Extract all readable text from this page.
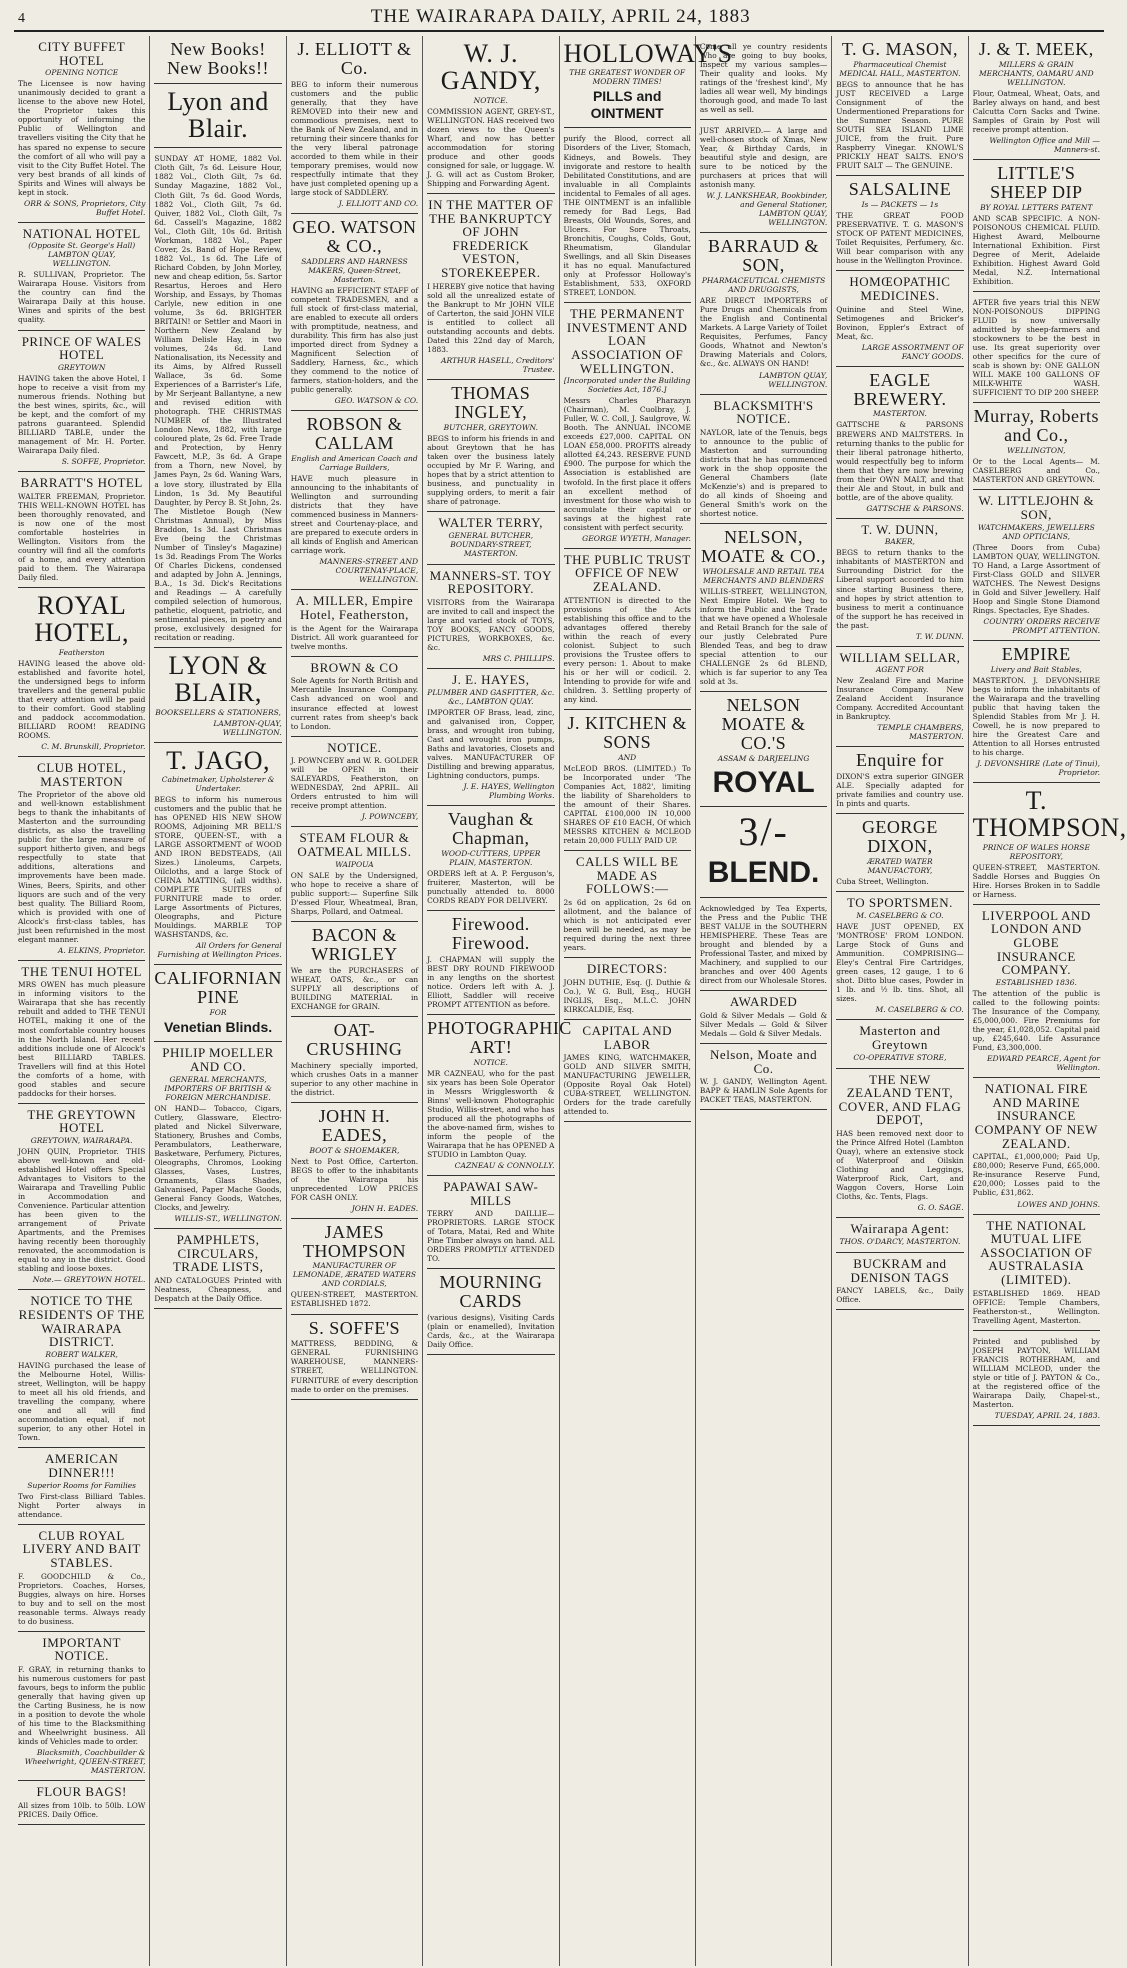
4	THE WAIRARAPA DAILY, APRIL 24, 1883

CITY BUFFET HOTEL
OPENING NOTICE

The Licensee is now having unanimously decided to grant a license to the above new Hotel, the Proprietor takes this opportunity of informing the Public of Wellington and travellers visiting the City that he has spared no expense to secure the comfort of all who will pay a visit to the City Buffet Hotel. The very best brands of all kinds of Spirits and Wines will always be kept in stock.

ORR & SONS, Proprietors, City Buffet Hotel.
NATIONAL HOTEL
(Opposite St. George's Hall) LAMBTON QUAY, WELLINGTON.

R. SULLIVAN, Proprietor. The Wairarapa House. Visitors from the country can find the Wairarapa Daily at this house. Wines and spirits of the best quality.

PRINCE OF WALES HOTEL
GREYTOWN

HAVING taken the above Hotel, I hope to receive a visit from my numerous friends. Nothing but the best wines, spirits, &c., will be kept, and the comfort of my patrons guaranteed. Splendid BILLIARD TABLE, under the management of Mr. H. Porter. Wairarapa Daily filed.

S. SOFFE, Proprietor.
BARRATT'S HOTEL

WALTER FREEMAN, Proprietor. THIS WELL-KNOWN HOTEL has been thoroughly renovated, and is now one of the most comfortable hostelries in Wellington. Visitors from the country will find all the comforts of a home, and every attention paid to them. The Wairarapa Daily filed.

ROYAL HOTEL,
Featherston

HAVING leased the above old-established and favorite hotel, the undersigned begs to inform travellers and the general public that every attention will be paid to their comfort. Good stabling and paddock accommodation. BILLIARD ROOM! READING ROOMS.

C. M. Brunskill, Proprietor.
CLUB HOTEL, MASTERTON

The Proprietor of the above old and well-known establishment begs to thank the inhabitants of Masterton and the surrounding districts, as also the travelling public for the large measure of support hitherto given, and begs respectfully to state that additions, alterations and improvements have been made. Wines, Beers, Spirits, and other liquors are such and of the very best quality. The Billiard Room, which is provided with one of Alcock's first-class tables, has just been refurnished in the most elegant manner.

A. ELKINS, Proprietor.
THE TENUI HOTEL

MRS OWEN has much pleasure in informing visitors to the Wairarapa that she has recently rebuilt and added to THE TENUI HOTEL, making it one of the most comfortable country houses in the North Island. Her recent additions include one of Alcock's best BILLIARD TABLES. Travellers will find at this Hotel the comforts of a home, with good stables and secure paddocks for their horses.

THE GREYTOWN HOTEL
GREYTOWN, WAIRARAPA.

JOHN QUIN, Proprietor. THIS above well-known and old-established Hotel offers Special Advantages to Visitors to the Wairarapa and Travelling Public in Accommodation and Convenience. Particular attention has been given to the arrangement of Private Apartments, and the Premises having recently been thoroughly renovated, the accommodation is equal to any in the district. Good stabling and loose boxes.

Note.— GREYTOWN HOTEL.
NOTICE TO THE RESIDENTS OF THE WAIRARAPA DISTRICT.
ROBERT WALKER,

HAVING purchased the lease of the Melbourne Hotel, Willis-street, Wellington, will be happy to meet all his old friends, and travelling the company, where one and all will find accommodation equal, if not superior, to any other Hotel in Town.

AMERICAN DINNER!!!
Superior Rooms for Families

Two First-class Billiard Tables. Night Porter always in attendance.

CLUB ROYAL LIVERY AND BAIT STABLES.

F. GOODCHILD & Co., Proprietors. Coaches, Horses, Buggies, always on hire. Horses to buy and to sell on the most reasonable terms. Always ready to do business.

IMPORTANT NOTICE.

F. GRAY, in returning thanks to his numerous customers for past favours, begs to inform the public generally that having given up the Carting Business, he is now in a position to devote the whole of his time to the Blacksmithing and Wheelwright business. All kinds of Vehicles made to order.

Blacksmith, Coachbuilder & Wheelwright, QUEEN-STREET, MASTERTON.
FLOUR BAGS!

All sizes from 10lb. to 50lb. LOW PRICES. Daily Office.

New Books! New Books!!
Lyon and Blair.

SUNDAY AT HOME, 1882 Vol. Cloth Gilt, 7s 6d. Leisure Hour, 1882 Vol., Cloth Gilt, 7s 6d. Sunday Magazine, 1882 Vol., Cloth Gilt, 7s 6d. Good Words, 1882 Vol., Cloth Gilt, 7s 6d. Quiver, 1882 Vol., Cloth Gilt, 7s 6d. Cassell's Magazine, 1882 Vol., Cloth Gilt, 10s 6d. British Workman, 1882 Vol., Paper Cover, 2s. Band of Hope Review, 1882 Vol., 1s 6d. The Life of Richard Cobden, by John Morley, new and cheap edition, 5s. Sartor Resartus, Heroes and Hero Worship, and Essays, by Thomas Carlyle, new edition in one volume, 3s 6d. BRIGHTER BRITAIN! or Settler and Maori in Northern New Zealand by William Delisle Hay, in two volumes, 24s 6d. Land Nationalisation, its Necessity and its Aims, by Alfred Russell Wallace, 3s 6d. Some Experiences of a Barrister's Life, by Mr Serjeant Ballantyne, a new and revised edition with photograph. THE CHRISTMAS NUMBER of the Illustrated London News, 1882, with large coloured plate, 2s 6d. Free Trade and Protection, by Henry Fawcett, M.P., 3s 6d. A Grape from a Thorn, new Novel, by James Payn, 2s 6d. Waning Wars, a love story, illustrated by Ella Lindon, 1s 3d. My Beautiful Daughter, by Percy B. St John, 2s. The Mistletoe Bough (New Christmas Annual), by Miss Braddon, 1s 3d. Last Christmas Eve (being the Christmas Number of Tinsley's Magazine) 1s 3d. Readings From The Works Of Charles Dickens, condensed and adapted by John A. Jennings, B.A., 1s 3d. Dick's Recitations and Readings — A carefully compiled selection of humorous, pathetic, eloquent, patriotic, and sentimental pieces, in poetry and prose, exclusively designed for recitation or reading.

LYON & BLAIR,
BOOKSELLERS & STATIONERS,
LAMBTON-QUAY, WELLINGTON.
T. JAGO,
Cabinetmaker, Upholsterer & Undertaker.

BEGS to inform his numerous customers and the public that he has OPENED HIS NEW SHOW ROOMS, Adjoining MR BELL'S STORE, QUEEN-ST., with a LARGE ASSORTMENT of WOOD AND IRON BEDSTEADS, (All Sizes.) Linoleums, Carpets, Oilcloths, and a large Stock of CHINA MATTING, (all widths). COMPLETE SUITES of FURNITURE made to order. Large Assortments of Pictures, Oleographs, and Picture Mouldings. MARBLE TOP WASHSTANDS, &c.

All Orders for General Furnishing at Wellington Prices.
CALIFORNIAN PINE
FOR

Venetian Blinds.

PHILIP MOELLER AND CO.
GENERAL MERCHANTS, IMPORTERS OF BRITISH & FOREIGN MERCHANDISE.

ON HAND— Tobacco, Cigars, Cutlery, Glassware, Electro-plated and Nickel Silverware, Stationery, Brushes and Combs, Perambulators, Leatherware, Basketware, Perfumery, Pictures, Oleographs, Chromos, Looking Glasses, Vases, Lustres, Ornaments, Glass Shades, Galvanised, Paper Mache Goods, General Fancy Goods, Watches, Clocks, and Jewelry.

WILLIS-ST., WELLINGTON.
PAMPHLETS, CIRCULARS, TRADE LISTS,

AND CATALOGUES Printed with Neatness, Cheapness, and Despatch at the Daily Office.

J. ELLIOTT & Co.

BEG to inform their numerous customers and the public generally, that they have REMOVED into their new and commodious premises, next to the Bank of New Zealand, and in returning their sincere thanks for the very liberal patronage accorded to them while in their temporary premises, would now respectfully intimate that they have just completed opening up a large stock of SADDLERY.

J. ELLIOTT AND CO.
GEO. WATSON & CO.,
SADDLERS AND HARNESS MAKERS, Queen-Street, Masterton.

HAVING an EFFICIENT STAFF of competent TRADESMEN, and a full stock of first-class material, are enabled to execute all orders with promptitude, neatness, and durability. This firm has also just imported direct from Sydney a Magnificent Selection of Saddlery, Harness, &c., which they commend to the notice of farmers, station-holders, and the public generally.

GEO. WATSON & CO.
ROBSON & CALLAM
English and American Coach and Carriage Builders,

HAVE much pleasure in announcing to the inhabitants of Wellington and surrounding districts that they have commenced business in Manners-street and Courtenay-place, and are prepared to execute orders in all kinds of English and American carriage work.

MANNERS-STREET AND COURTENAY-PLACE, WELLINGTON.
A. MILLER, Empire Hotel, Featherston,

is the Agent for the Wairarapa District. All work guaranteed for twelve months.

BROWN & CO

Sole Agents for North British and Mercantile Insurance Company. Cash advanced on wool and insurance effected at lowest current rates from sheep's back to London.

NOTICE.

J. POWNCEBY and W. R. GOLDER will be OPEN in their SALEYARDS, Featherston, on WEDNESDAY, 2nd APRIL. All Orders entrusted to him will receive prompt attention.

J. POWNCEBY,
STEAM FLOUR & OATMEAL MILLS.
WAIPOUA

ON SALE by the Undersigned, who hope to receive a share of public support:— Superfine Silk D'essed Flour, Wheatmeal, Bran, Sharps, Pollard, and Oatmeal.

BACON & WRIGLEY

We are the PURCHASERS of WHEAT, OATS, &c., or can SUPPLY all descriptions of BUILDING MATERIAL in EXCHANGE for GRAIN.

OAT-CRUSHING

Machinery specially imported, which crushes Oats in a manner superior to any other machine in the district.

JOHN H. EADES,
BOOT & SHOEMAKER,

Next to Post Office, Carterton. BEGS to offer to the inhabitants of the Wairarapa his unprecedented LOW PRICES FOR CASH ONLY.

JOHN H. EADES.
JAMES THOMPSON
MANUFACTURER OF LEMONADE, ÆRATED WATERS AND CORDIALS,

QUEEN-STREET, MASTERTON. ESTABLISHED 1872.

S. SOFFE'S

MATTRESS, BEDDING, & GENERAL FURNISHING WAREHOUSE, MANNERS-STREET, WELLINGTON. FURNITURE of every description made to order on the premises.

W. J. GANDY,
NOTICE.

COMMISSION AGENT, GREY-ST., WELLINGTON. HAS received two dozen views to the Queen's Wharf, and now has better accommodation for storing produce and other goods consigned for sale, or luggage. W. J. G. will act as Custom Broker, Shipping and Forwarding Agent.

IN THE MATTER OF THE BANKRUPTCY OF JOHN FREDERICK VESTON, STOREKEEPER.

I HEREBY give notice that having sold all the unrealized estate of the Bankrupt to Mr JOHN VILE of Carterton, the said JOHN VILE is entitled to collect all outstanding accounts and debts. Dated this 22nd day of March, 1883.

ARTHUR HASELL, Creditors' Trustee.
THOMAS INGLEY,
BUTCHER, GREYTOWN.

BEGS to inform his friends in and about Greytown that he has taken over the business lately occupied by Mr F. Waring, and hopes that by a strict attention to business, and punctuality in supplying orders, to merit a fair share of patronage.

WALTER TERRY,
GENERAL BUTCHER, BOUNDARY-STREET, MASTERTON.
MANNERS-ST. TOY REPOSITORY.

VISITORS from the Wairarapa are invited to call and inspect the large and varied stock of TOYS, TOY BOOKS, FANCY GOODS, PICTURES, WORKBOXES, &c. &c.

MRS C. PHILLIPS.
J. E. HAYES,
PLUMBER AND GASFITTER, &c. &c., LAMBTON QUAY.

IMPORTER OF Brass, lead, zinc, and galvanised iron, Copper, brass, and wrought iron tubing, Cast and wrought iron pumps, Baths and lavatories, Closets and valves. MANUFACTURER OF Distilling and brewing apparatus, Lightning conductors, pumps.

J. E. HAYES, Wellington Plumbing Works.
Vaughan & Chapman,
WOOD-CUTTERS, UPPER PLAIN, MASTERTON.

ORDERS left at A. P. Ferguson's, fruiterer, Masterton, will be punctually attended to. 8000 CORDS READY FOR DELIVERY.

Firewood. Firewood.

J. CHAPMAN will supply the BEST DRY ROUND FIREWOOD in any lengths on the shortest notice. Orders left with A. J. Elliott, Saddler will receive PROMPT ATTENTION as before.

PHOTOGRAPHIC ART!
NOTICE.

MR CAZNEAU, who for the past six years has been Sole Operator in Messrs Wrigglesworth & Binns' well-known Photographic Studio, Willis-street, and who has produced all the photographs of the above-named firm, wishes to inform the people of the Wairarapa that he has OPENED A STUDIO in Lambton Quay.

CAZNEAU & CONNOLLY.
PAPAWAI SAW-MILLS

TERRY AND DAILLIE—PROPRIETORS. LARGE STOCK of Totara, Matai, Red and White Pine Timber always on hand. ALL ORDERS PROMPTLY ATTENDED TO.

MOURNING CARDS

(various designs), Visiting Cards (plain or enamelled), Invitation Cards, &c., at the Wairarapa Daily Office.

HOLLOWAY'S
THE GREATEST WONDER OF MODERN TIMES!

PILLS and OINTMENT

purify the Blood, correct all Disorders of the Liver, Stomach, Kidneys, and Bowels. They invigorate and restore to health Debilitated Constitutions, and are invaluable in all Complaints incidental to Females of all ages. THE OINTMENT is an infallible remedy for Bad Legs, Bad Breasts, Old Wounds, Sores, and Ulcers. For Sore Throats, Bronchitis, Coughs, Colds, Gout, Rheumatism, Glandular Swellings, and all Skin Diseases it has no equal. Manufactured only at Professor Holloway's Establishment, 533, OXFORD STREET, LONDON.

THE PERMANENT INVESTMENT AND LOAN ASSOCIATION OF WELLINGTON.
[Incorporated under the Building Societies Act, 1876.]

Messrs Charles Pharazyn (Chairman), M. Cuolbray, J. Fuller, W. C. Coll, J. Saulgrove, W. Booth. The ANNUAL INCOME exceeds £27,000. CAPITAL ON LOAN £58,000. PROFITS already allotted £4,243. RESERVE FUND £900. The purpose for which the Association is established are twofold. In the first place it offers an excellent method of investment for those who wish to accumulate their capital or savings at the highest rate consistent with perfect security.

GEORGE WYETH, Manager.
THE PUBLIC TRUST OFFICE OF NEW ZEALAND.

ATTENTION is directed to the provisions of the Acts establishing this office and to the advantages offered thereby within the reach of every colonist. Subject to such provisions the Trustee offers to every person: 1. About to make his or her will or codicil. 2. Intending to provide for wife and children. 3. Settling property of any kind.

J. KITCHEN & SONS
AND

McLEOD BROS. (LIMITED.) To be Incorporated under 'The Companies Act, 1882', limiting the liability of Shareholders to the amount of their Shares. CAPITAL £100,000 IN 10,000 SHARES OF £10 EACH, Of which MESSRS KITCHEN & MCLEOD retain 20,000 FULLY PAID UP.

CALLS WILL BE MADE AS FOLLOWS:—

2s 6d on application, 2s 6d on allotment, and the balance of which is not anticipated ever been will be needed, as may be required during the next three years.

DIRECTORS:

JOHN DUTHIE, Esq. (J. Duthie & Co.), W. G. Bull, Esq., HUGH INGLIS, Esq., M.L.C. JOHN KIRKCALDIE, Esq.

CAPITAL AND LABOR

JAMES KING, WATCHMAKER, GOLD AND SILVER SMITH, MANUFACTURING JEWELLER, (Opposite Royal Oak Hotel) CUBA-STREET, WELLINGTON. Orders for the trade carefully attended to.

Come all ye country residents Who are going to buy books, Inspect my various samples— Their quality and looks. My ratings of the 'freshest kind', My ladies all wear well, My bindings thorough good, and made To last as well as sell.

JUST ARRIVED.— A large and well-chosen stock of Xmas, New Year, & Birthday Cards, in beautiful style and design, are sure to be noticed by the purchasers at prices that will astonish many.

W. J. LANKSHEAR, Bookbinder, and General Stationer, LAMBTON QUAY, WELLINGTON.
BARRAUD & SON,
PHARMACEUTICAL CHEMISTS AND DRUGGISTS,

ARE DIRECT IMPORTERS of Pure Drugs and Chemicals from the English and Continental Markets. A Large Variety of Toilet Requisites, Perfumes, Fancy Goods, Whatnot and Newton's Drawing Materials and Colors, &c., &c. ALWAYS ON HAND!

LAMBTON QUAY, WELLINGTON.
BLACKSMITH'S NOTICE.

NAYLOR, late of the Tenuis, begs to announce to the public of Masterton and surrounding districts that he has commenced work in the shop opposite the General Chambers (late McKenzie's) and is prepared to do all kinds of Shoeing and General Smith's work on the shortest notice.

NELSON, MOATE & CO.,
WHOLESALE AND RETAIL TEA MERCHANTS AND BLENDERS

WILLIS-STREET, WELLINGTON, Next Empire Hotel. We beg to inform the Public and the Trade that we have opened a Wholesale and Retail Branch for the sale of our justly Celebrated Pure Blended Teas, and beg to draw special attention to our CHALLENGE 2s 6d BLEND, which is far superior to any Tea sold at 3s.

NELSON MOATE & CO.'S
ASSAM & DARJEELING

ROYAL

3/-

BLEND.

Acknowledged by Tea Experts, the Press and the Public THE BEST VALUE in the SOUTHERN HEMISPHERE. These Teas are brought and blended by a Professional Taster, and mixed by Machinery, and supplied to our branches and over 400 Agents direct from our Wholesale Stores.

AWARDED

Gold & Silver Medals — Gold & Silver Medals — Gold & Silver Medals — Gold & Silver Medals.

Nelson, Moate and Co.

W. J. GANDY, Wellington Agent. BAPP & HAMLIN Sole Agents for PACKET TEAS, MASTERTON.

T. G. MASON,
Pharmaceutical Chemist MEDICAL HALL, MASTERTON.

BEGS to announce that he has JUST RECEIVED a Large Consignment of the Undermentioned Preparations for the Summer Season. PURE SOUTH SEA ISLAND LIME JUICE, from the fruit. Pure Raspberry Vinegar. KNOWL'S PRICKLY HEAT SALTS. ENO'S FRUIT SALT — The GENUINE.

SALSALINE
Is — PACKETS — 1s

THE GREAT FOOD PRESERVATIVE. T. G. MASON'S STOCK OF PATENT MEDICINES, Toilet Requisites, Perfumery, &c. Will bear comparison with any house in the Wellington Province.

HOMŒOPATHIC MEDICINES.

Quinine and Steel Wine, Setimogenes and Bricker's Bovinon, Eppler's Extract of Meat, &c.

LARGE ASSORTMENT OF FANCY GOODS.
EAGLE BREWERY.
MASTERTON.

GATTSCHE & PARSONS BREWERS AND MALTSTERS. In returning thanks to the public for their liberal patronage hitherto, would respectfully beg to inform them that they are now brewing from their OWN MALT, and that their Ale and Stout, in bulk and bottle, are of the above quality.

GATTSCHE & PARSONS.
T. W. DUNN,
BAKER,

BEGS to return thanks to the inhabitants of MASTERTON and Surrounding District for the Liberal support accorded to him since starting Business there, and hopes by strict attention to business to merit a continuance of the support he has received in the past.

T. W. DUNN.
WILLIAM SELLAR,
AGENT FOR

New Zealand Fire and Marine Insurance Company. New Zealand Accident Insurance Company. Accredited Accountant in Bankruptcy.

TEMPLE CHAMBERS, MASTERTON.
Enquire for

DIXON'S extra superior GINGER ALE. Specially adapted for private families and country use. In pints and quarts.

GEORGE DIXON,
ÆRATED WATER MANUFACTORY,

Cuba Street, Wellington.

TO SPORTSMEN.
M. CASELBERG & CO.

HAVE JUST OPENED, EX 'MONTROSE' FROM LONDON. Large Stock of Guns and Ammunition. COMPRISING— Eley's Central Fire Cartridges, green cases, 12 gauge, 1 to 6 shot. Ditto blue cases, Powder in 1 lb. and ½ lb. tins. Shot, all sizes.

M. CASELBERG & CO.
Masterton and Greytown
CO-OPERATIVE STORE,
THE NEW ZEALAND TENT, COVER, AND FLAG DEPOT,

HAS been removed next door to the Prince Alfred Hotel (Lambton Quay), where an extensive stock of Waterproof and Oilskin Clothing and Leggings, Waterproof Rick, Cart, and Waggon Covers, Horse Loin Cloths, &c. Tents, Flags.

G. O. SAGE.
Wairarapa Agent:
THOS. O'DARCY, MASTERTON.
BUCKRAM and DENISON TAGS

FANCY LABELS, &c., Daily Office.

J. & T. MEEK,
MILLERS & GRAIN MERCHANTS, OAMARU AND WELLINGTON.

Flour, Oatmeal, Wheat, Oats, and Barley always on hand, and best Calcutta Corn Sacks and Twine. Samples of Grain by Post will receive prompt attention.

Wellington Office and Mill — Manners-st.
LITTLE'S SHEEP DIP
BY ROYAL LETTERS PATENT

AND SCAB SPECIFIC. A NON-POISONOUS CHEMICAL FLUID. Highest Award, Melbourne International Exhibition. First Degree of Merit, Adelaide Exhibition. Highest Award Gold Medal, N.Z. International Exhibition.

AFTER five years trial this NEW NON-POISONOUS DIPPING FLUID is now universally admitted by sheep-farmers and stockowners to be the best in use. Its great superiority over other specifics for the cure of scab is shown by: ONE GALLON WILL MAKE 100 GALLONS OF MILK-WHITE WASH. SUFFICIENT TO DIP 200 SHEEP.

Murray, Roberts and Co.,
WELLINGTON,

Or to the Local Agents— M. CASELBERG and Co., MASTERTON AND GREYTOWN.

W. LITTLEJOHN & SON,
WATCHMAKERS, JEWELLERS AND OPTICIANS,

(Three Doors from Cuba) LAMBTON QUAY, WELLINGTON. TO Hand, a Large Assortment of First-Class GOLD and SILVER WATCHES. The Newest Designs in Gold and Silver Jewellery. Half Hoop and Single Stone Diamond Rings. Spectacles, Eye Shades.

COUNTRY ORDERS RECEIVE PROMPT ATTENTION.
EMPIRE
Livery and Bait Stables,

MASTERTON. J. DEVONSHIRE begs to inform the inhabitants of the Wairarapa and the travelling public that having taken the Splendid Stables from Mr J. H. Cowell, he is now prepared to hire the Greatest Care and Attention to all Horses entrusted to his charge.

J. DEVONSHIRE (Late of Tinui), Proprietor.
T. THOMPSON,
PRINCE OF WALES HORSE REPOSITORY,

QUEEN-STREET, MASTERTON. Saddle Horses and Buggies On Hire. Horses Broken in to Saddle or Harness.

LIVERPOOL AND LONDON AND GLOBE INSURANCE COMPANY.
ESTABLISHED 1836.

The attention of the public is called to the following points: The Insurance of the Company, £5,000,000. Fire Premiums for the year, £1,028,052. Capital paid up, £245,640. Life Assurance Fund, £3,300,000.

EDWARD PEARCE, Agent for Wellington.
NATIONAL FIRE AND MARINE INSURANCE COMPANY OF NEW ZEALAND.

CAPITAL, £1,000,000; Paid Up, £80,000; Reserve Fund, £65,000. Re-insurance Reserve Fund, £20,000; Losses paid to the Public, £31,862.

LOWES AND JOHNS.
THE NATIONAL MUTUAL LIFE ASSOCIATION OF AUSTRALASIA (LIMITED).

ESTABLISHED 1869. HEAD OFFICE: Temple Chambers, Featherston-st., Wellington. Travelling Agent, Masterton.

Printed and published by JOSEPH PAYTON, WILLIAM FRANCIS ROTHERHAM, and WILLIAM MCLEOD, under the style or title of J. PAYTON & Co., at the registered office of the Wairarapa Daily, Chapel-st., Masterton.

TUESDAY, APRIL 24, 1883.
